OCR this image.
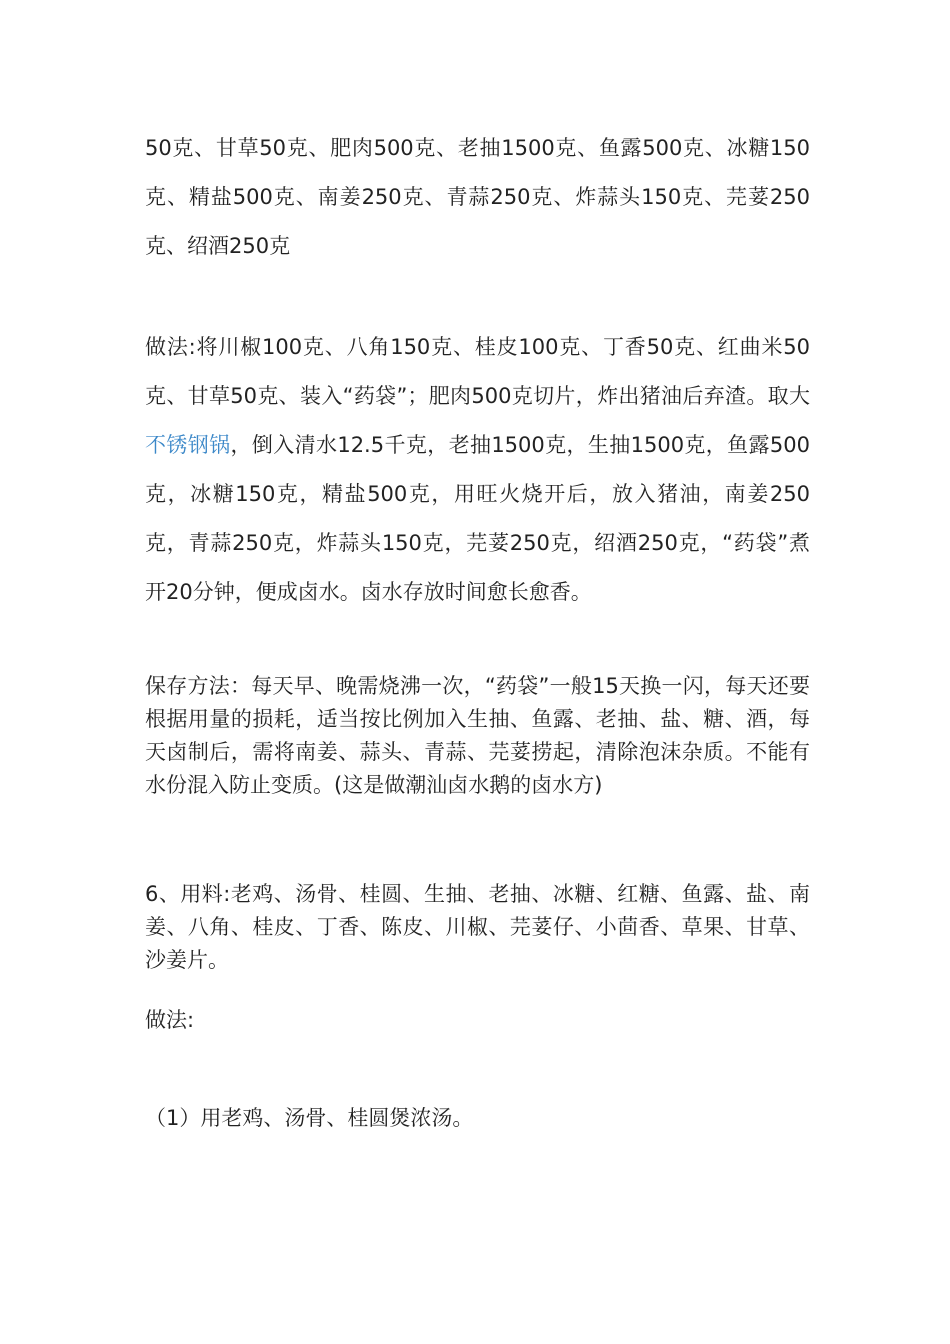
50克、甘草50克、肥肉500克、老抽1500克、鱼露500克、冰糖150克、精盐500克、南姜250克、青蒜250克、炸蒜头150克、芫荽250克、绍酒250克

做法:将川椒100克、八角150克、桂皮100克、丁香50克、红曲米50克、甘草50克、装入“药袋”；肥肉500克切片，炸出猪油后弃渣。取大不锈钢锅，倒入清水12.5千克，老抽1500克，生抽1500克，鱼露500克，冰糖150克，精盐500克，用旺火烧开后，放入猪油，南姜250克，青蒜250克，炸蒜头150克，芫荽250克，绍酒250克，“药袋”煮开20分钟，便成卤水。卤水存放时间愈长愈香。

保存方法：每天早、晚需烧沸一次，“药袋”一般15天换一闪，每天还要根据用量的损耗，适当按比例加入生抽、鱼露、老抽、盐、糖、酒，每天卤制后，需将南姜、蒜头、青蒜、芫荽捞起，清除泡沫杂质。不能有水份混入防止变质。(这是做潮汕卤水鹅的卤水方)

6、用料:老鸡、汤骨、桂圆、生抽、老抽、冰糖、红糖、鱼露、盐、南姜、八角、桂皮、丁香、陈皮、川椒、芫荽仔、小茴香、草果、甘草、沙姜片。

做法:

（1）用老鸡、汤骨、桂圆煲浓汤。
